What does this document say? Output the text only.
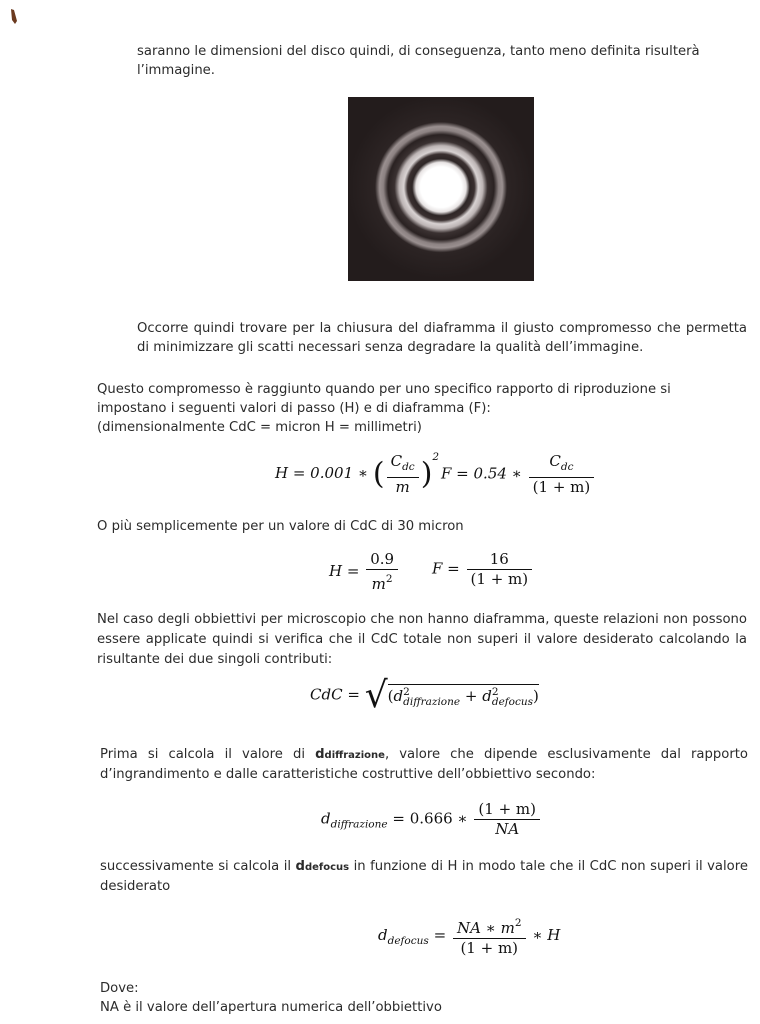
saranno le dimensioni del disco quindi, di conseguenza, tanto meno definita risulterà
l’immagine.
Occorre quindi trovare per la chiusura del diaframma il giusto compromesso che permetta di minimizzare gli scatti necessari senza degradare la qualità dell’immagine.
Questo compromesso è raggiunto quando per uno specifico rapporto di riproduzione si
impostano i seguenti valori di passo (H) e di diaframma (F):
(dimensionalmente CdC = micron H = millimetri)
H = 0.001 ∗ ( $\frac{C_{dc}}{m} )^2$
F = 0.54 ∗ $\frac{C_{dc}}{(1 + m)}$
O più semplicemente per un valore di CdC di 30 micron
$H = \frac{0.9}{m^2}$ $F = \frac{16}{(1 + m)}$
Nel caso degli obbiettivi per microscopio che non hanno diaframma, queste relazioni non possono essere applicate quindi si verifica che il CdC totale non superi il valore desiderato calcolando la risultante dei due singoli contributi:
CdC = √(d 2
diffrazione + d 2
defocus )
Prima si calcola il valore di ddiffrazione, valore che dipende esclusivamente dal rapporto d’ingrandimento e dalle caratteristiche costruttive dell’obbiettivo secondo:
$d_{diffrazione} = 0.666$ ∗ $\frac{(1 + m)}{NA}$
successivamente si calcola il ddefocus in funzione di H in modo tale che il CdC non superi il valore desiderato
$d_{defocus} = \frac{NA ∗ m^2}{(1 + m)}$ ∗ H
Dove:
NA è il valore dell’apertura numerica dell’obbiettivo
